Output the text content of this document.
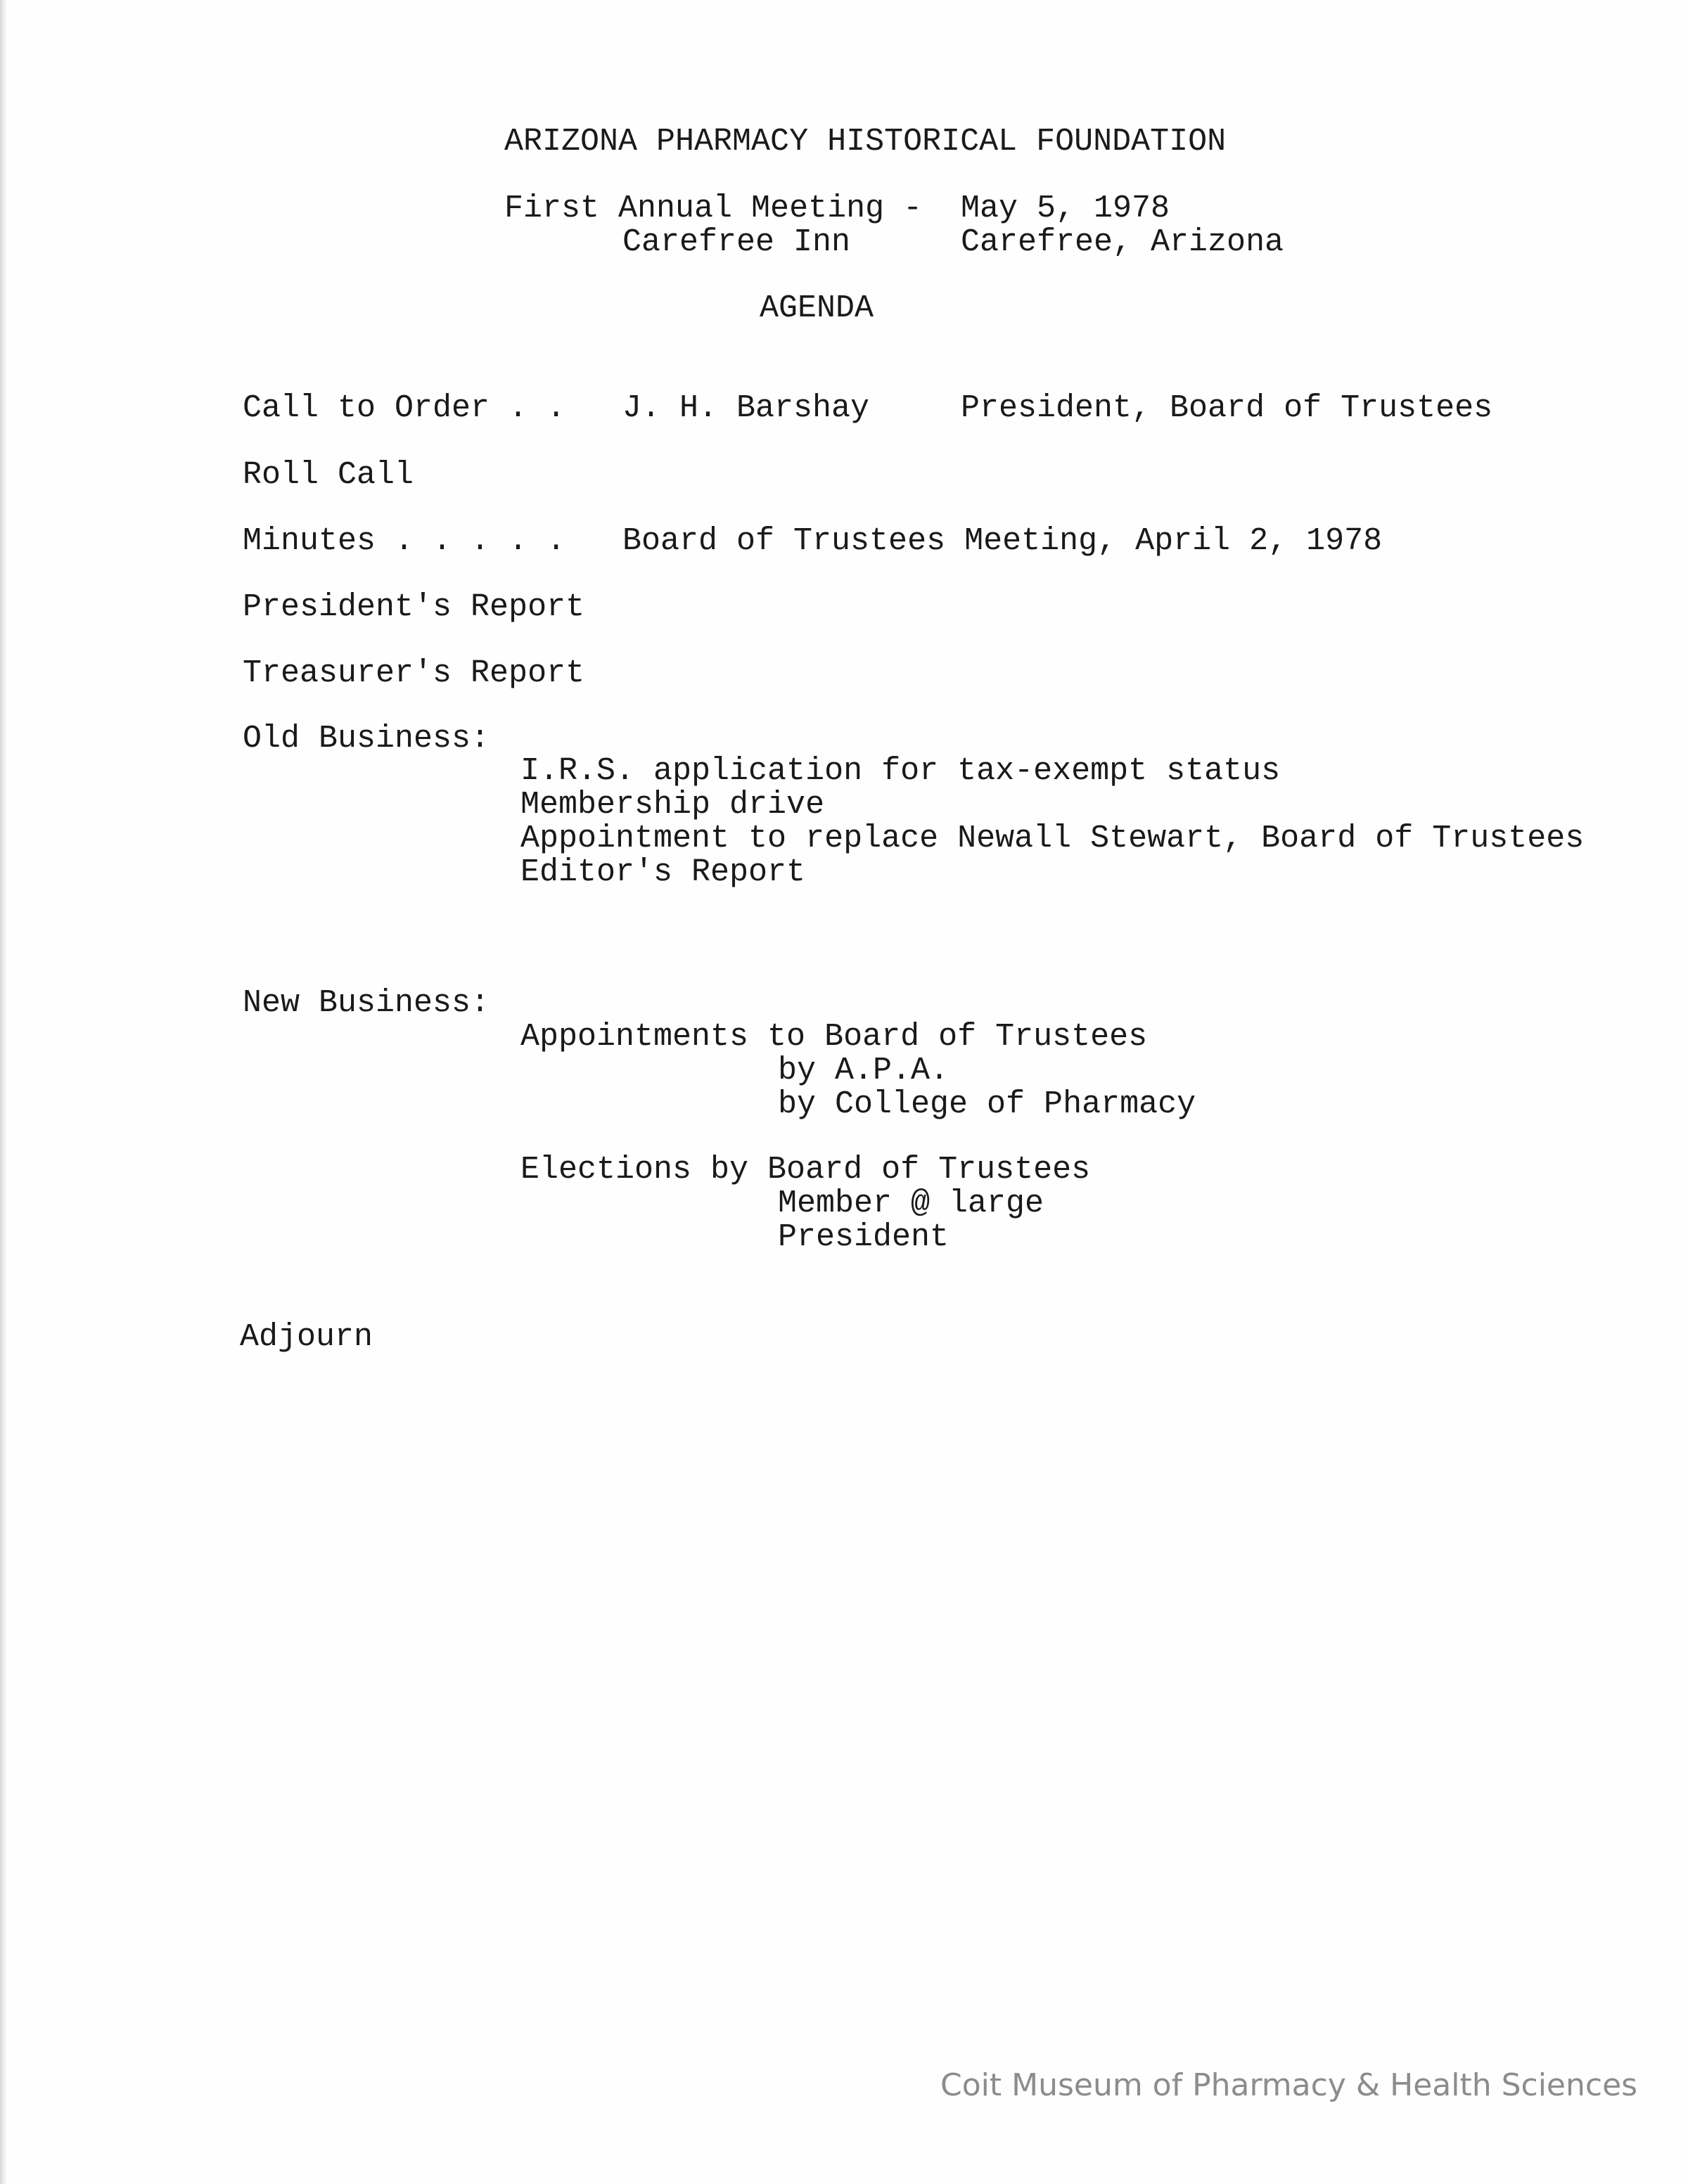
ARIZONA PHARMACY HISTORICAL FOUNDATION

First Annual Meeting -

May 5, 1978

Carefree Inn

	Carefree, Arizona

AGENDA

Call to Order . .

J. H. Barshay

	President, Board of Trustees

Roll Call

Minutes . . . . .

Board of Trustees Meeting, April 2, 1978

President's Report

Treasurer's Report

Old Business:

I.R.S. application for tax-exempt status

Membership drive

Appointment to replace Newall Stewart, Board of Trustees

Editor's Report

New Business:

Appointments to Board of Trustees

by A.P.A.

by College of Pharmacy

Elections by Board of Trustees

Member @ large

President

Adjourn

Coit Museum of Pharmacy & Health Sciences
